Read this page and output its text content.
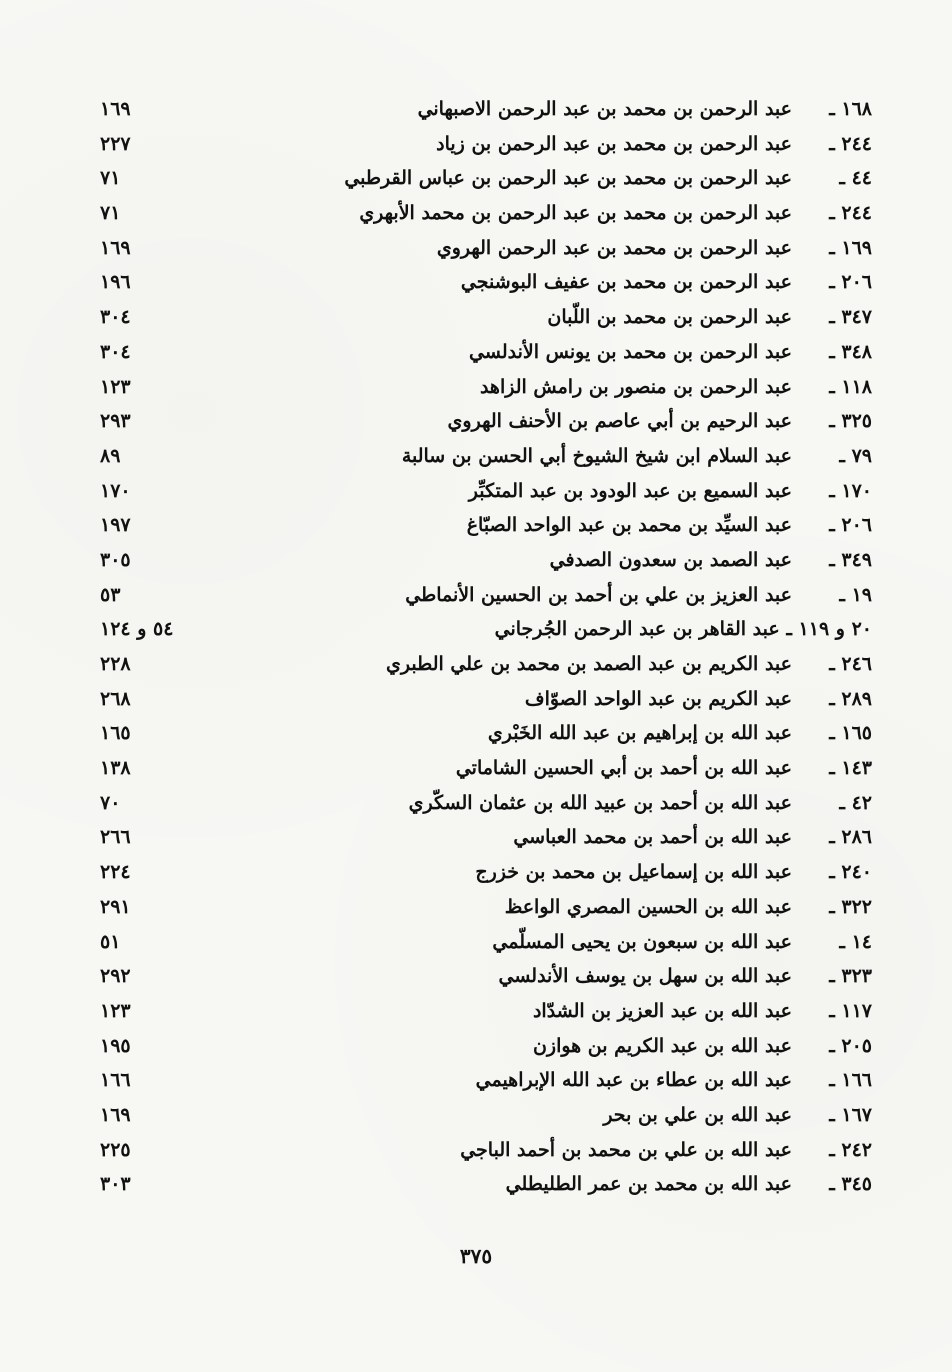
١٦٨ ـ
عبد الرحمن بن محمد بن عبد الرحمن الاصبهاني
١٦٩
٢٤٤ ـ
عبد الرحمن بن محمد بن عبد الرحمن بن زياد
٢٢٧
٤٤ ـ
عبد الرحمن بن محمد بن عبد الرحمن بن عباس القرطبي
٧١
٢٤٤ ـ
عبد الرحمن بن محمد بن عبد الرحمن بن محمد الأبهري
٧١
١٦٩ ـ
عبد الرحمن بن محمد بن عبد الرحمن الهروي
١٦٩
٢٠٦ ـ
عبد الرحمن بن محمد بن عفيف البوشنجي
١٩٦
٣٤٧ ـ
عبد الرحمن بن محمد بن اللّبان
٣٠٤
٣٤٨ ـ
عبد الرحمن بن محمد بن يونس الأندلسي
٣٠٤
١١٨ ـ
عبد الرحمن بن منصور بن رامش الزاهد
١٢٣
٣٢٥ ـ
عبد الرحيم بن أبي عاصم بن الأحنف الهروي
٢٩٣
٧٩ ـ
عبد السلام ابن شيخ الشيوخ أبي الحسن بن سالبة
٨٩
١٧٠ ـ
عبد السميع بن عبد الودود بن عبد المتكبِّر
١٧٠
٢٠٦ ـ
عبد السيِّد بن محمد بن عبد الواحد الصبّاغ
١٩٧
٣٤٩ ـ
عبد الصمد بن سعدون الصدفي
٣٠٥
١٩ ـ
عبد العزيز بن علي بن أحمد بن الحسين الأنماطي
٥٣
٢٠ و ١١٩ ـ عبد القاهر بن عبد الرحمن الجُرجاني
٥٤ و ١٢٤
٢٤٦ ـ
عبد الكريم بن عبد الصمد بن محمد بن علي الطبري
٢٢٨
٢٨٩ ـ
عبد الكريم بن عبد الواحد الصوّاف
٢٦٨
١٦٥ ـ
عبد الله بن إبراهيم بن عبد الله الخَبْري
١٦٥
١٤٣ ـ
عبد الله بن أحمد بن أبي الحسين الشاماتي
١٣٨
٤٢ ـ
عبد الله بن أحمد بن عبيد الله بن عثمان السكّري
٧٠
٢٨٦ ـ
عبد الله بن أحمد بن محمد العباسي
٢٦٦
٢٤٠ ـ
عبد الله بن إسماعيل بن محمد بن خزرج
٢٢٤
٣٢٢ ـ
عبد الله بن الحسين المصري الواعظ
٢٩١
١٤ ـ
عبد الله بن سبعون بن يحيى المسلّمي
٥١
٣٢٣ ـ
عبد الله بن سهل بن يوسف الأندلسي
٢٩٢
١١٧ ـ
عبد الله بن عبد العزيز بن الشدّاد
١٢٣
٢٠٥ ـ
عبد الله بن عبد الكريم بن هوازن
١٩٥
١٦٦ ـ
عبد الله بن عطاء بن عبد الله الإبراهيمي
١٦٦
١٦٧ ـ
عبد الله بن علي بن بحر
١٦٩
٢٤٢ ـ
عبد الله بن علي بن محمد بن أحمد الباجي
٢٢٥
٣٤٥ ـ
عبد الله بن محمد بن عمر الطليطلي
٣٠٣
٣٧٥
